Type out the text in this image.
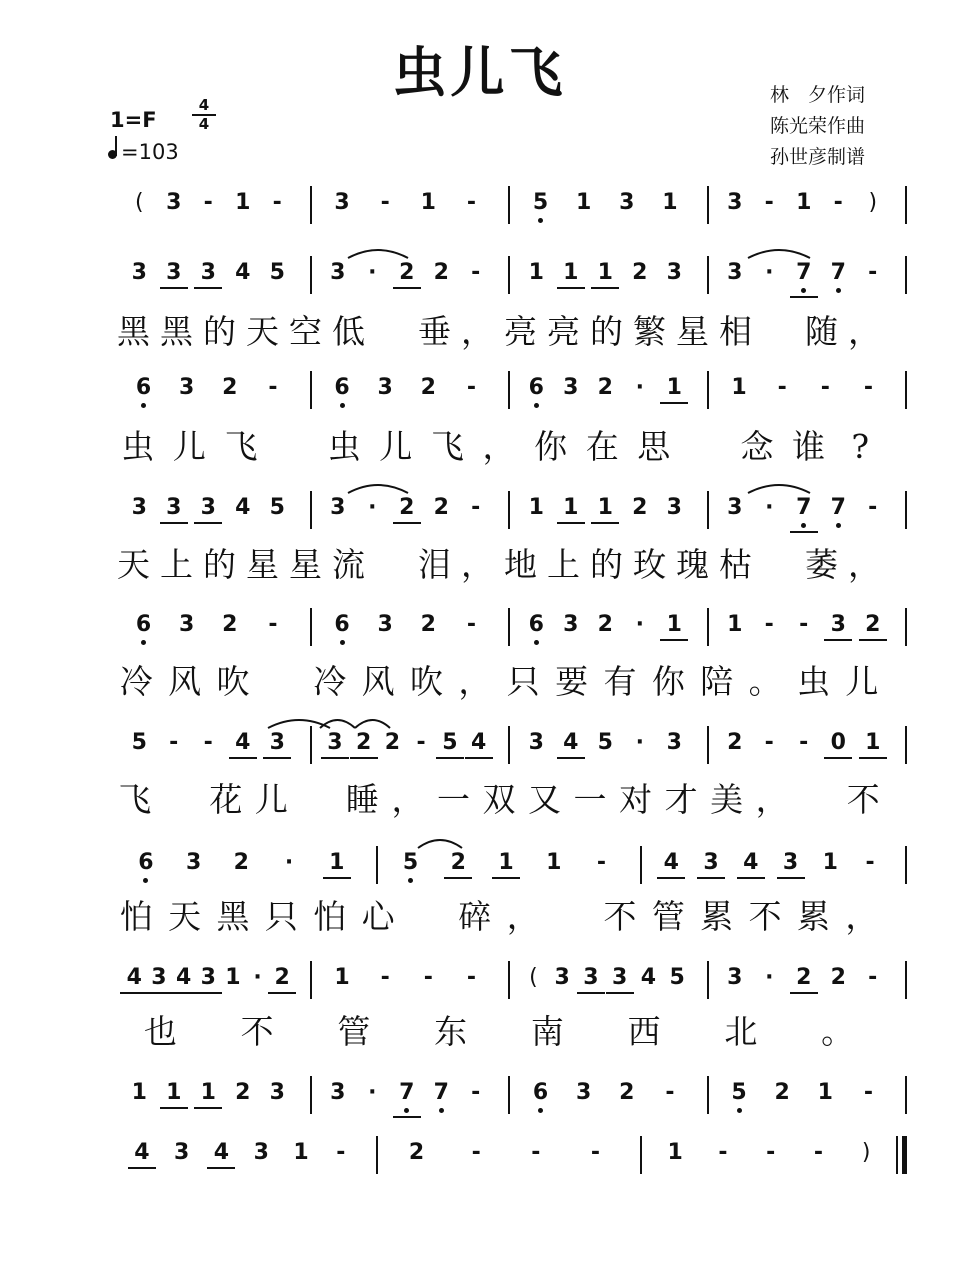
虫儿飞	林　夕作词
陈光荣作曲
孙世彦制谱
1=F
4
4
=103
(	3 - 1 - 3 - 1 -	5 1 3 1 3 - 1 -	)
3 3 3 4 5 3	·	2 2 - 1 1 1 2 3 3	·	7 7 -
黑 黑 的 天 空 低 垂 ， 亮 亮 的 繁 星 相 随 ，
6 3 2 -	6 3 2 - 6 3 2	·	1 1 - - -
虫 儿 飞 虫 儿 飞 ， 你 在 思 念 谁 ?
3 3 3 4 5 3	·	2 2 - 1 1 1 2 3 3	·	7 7 -
天 上 的 星 星 流 泪 ， 地 上 的 玫 瑰 枯 萎 ，
6 3 2 -	6 3 2 - 6 3 2	·	1 1 - - 3 2
冷 风 吹 冷 风 吹 ， 只 要 有 你 陪 。 虫 儿
5 - - 4 3 3 2 2 - 5 4 3 4 5	·	3 2 - - 0 1
飞 花 儿 睡 ， 一 双 又 一 对 才 美 ， 不
6 3 2	·	1	5 2 1 1 -	4 3 4 3 1 -
怕 天 黑 只 怕 心 碎 ， 不 管 累 不 累 ，
4 3 4 3 1 · 2 1 - - -	( 3 3 3 4 5 3	·	2 2 -
也 不 管 东 南 西 北 。
1 1 1 2 3 3	·	7 7 - 6 3 2 -	5 2 1 -
4 3 4 3 1 -	2 - - -	1 - - -	)
